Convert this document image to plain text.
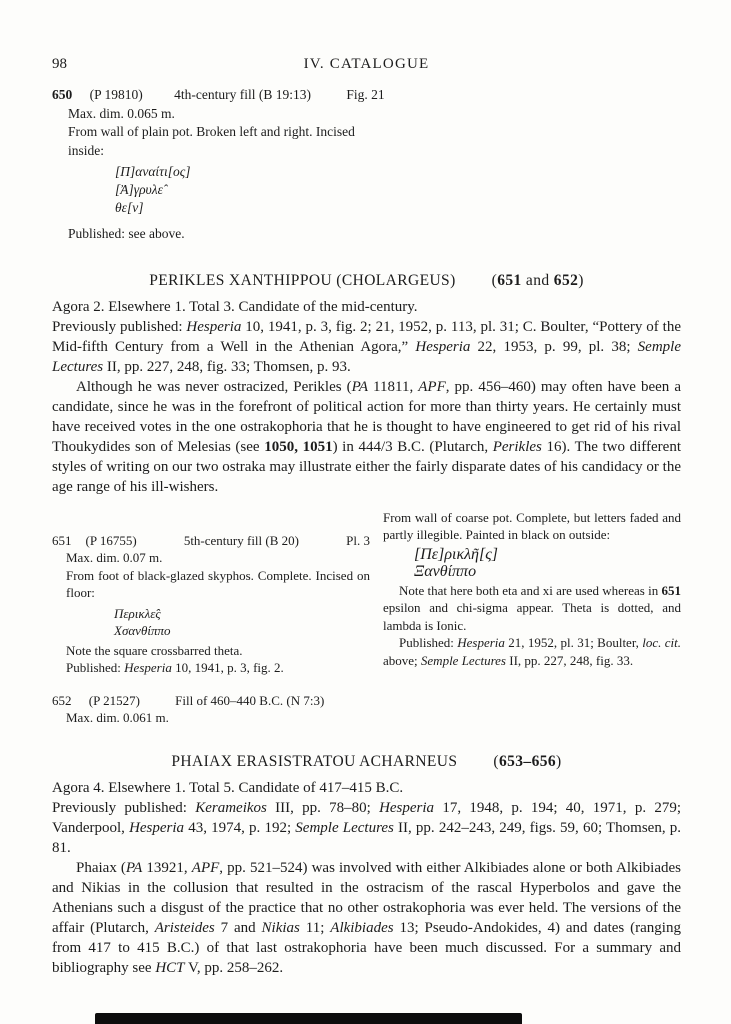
98	IV. CATALOGUE
650 (P 19810) 4th-century fill (B 19:13)	Fig. 21

Max. dim. 0.065 m.

From wall of plain pot. Broken left and right. Incised inside:

[Π]αναίτι[ος]
[Ἀ]γρυλε̂
θε[ν]

Published: see above.

PERIKLES XANTHIPPOU (CHOLARGEUS) (651 and 652)

Agora 2. Elsewhere 1. Total 3. Candidate of the mid-century.

Previously published: Hesperia 10, 1941, p. 3, fig. 2; 21, 1952, p. 113, pl. 31; C. Boulter, “Pottery of the Mid-fifth Century from a Well in the Athenian Agora,” Hesperia 22, 1953, p. 99, pl. 38; Semple Lectures II, pp. 227, 248, fig. 33; Thomsen, p. 93.

Although he was never ostracized, Perikles (PA 11811, APF, pp. 456–460) may often have been a candidate, since he was in the forefront of political action for more than thirty years. He certainly must have received votes in the one ostrakophoria that he is thought to have engineered to get rid of his rival Thoukydides son of Melesias (see 1050, 1051) in 444/3 B.C. (Plutarch, Perikles 16). The two different styles of writing on our two ostraka may illustrate either the fairly disparate dates of his candidacy or the age range of his ill-wishers.

651 (P 16755)	5th-century fill (B 20)	Pl. 3

Max. dim. 0.07 m.

From foot of black-glazed skyphos. Complete. Incised on floor:

Περικλε̂ς
Χσανθίππο

Note the square crossbarred theta.

Published: Hesperia 10, 1941, p. 3, fig. 2.

652 (P 21527)	Fill of 460–440 B.C. (N 7:3)

Max. dim. 0.061 m.

From wall of coarse pot. Complete, but letters faded and partly illegible. Painted in black on outside:

[Πε]ρικλῆ[ς]
Ξανθίππο

Note that here both eta and xi are used whereas in 651 epsilon and chi-sigma appear. Theta is dotted, and lambda is Ionic.

Published: Hesperia 21, 1952, pl. 31; Boulter, loc. cit. above; Semple Lectures II, pp. 227, 248, fig. 33.

PHAIAX ERASISTRATOU ACHARNEUS (653–656)

Agora 4. Elsewhere 1. Total 5. Candidate of 417–415 B.C.

Previously published: Kerameikos III, pp. 78–80; Hesperia 17, 1948, p. 194; 40, 1971, p. 279; Vanderpool, Hesperia 43, 1974, p. 192; Semple Lectures II, pp. 242–243, 249, figs. 59, 60; Thomsen, p. 81.

Phaiax (PA 13921, APF, pp. 521–524) was involved with either Alkibiades alone or both Alkibiades and Nikias in the collusion that resulted in the ostracism of the rascal Hyperbolos and gave the Athenians such a disgust of the practice that no other ostrakophoria was ever held. The versions of the affair (Plutarch, Aristeides 7 and Nikias 11; Alkibiades 13; Pseudo-Andokides, 4) and dates (ranging from 417 to 415 B.C.) of that last ostrakophoria have been much discussed. For a summary and bibliography see HCT V, pp. 258–262.
